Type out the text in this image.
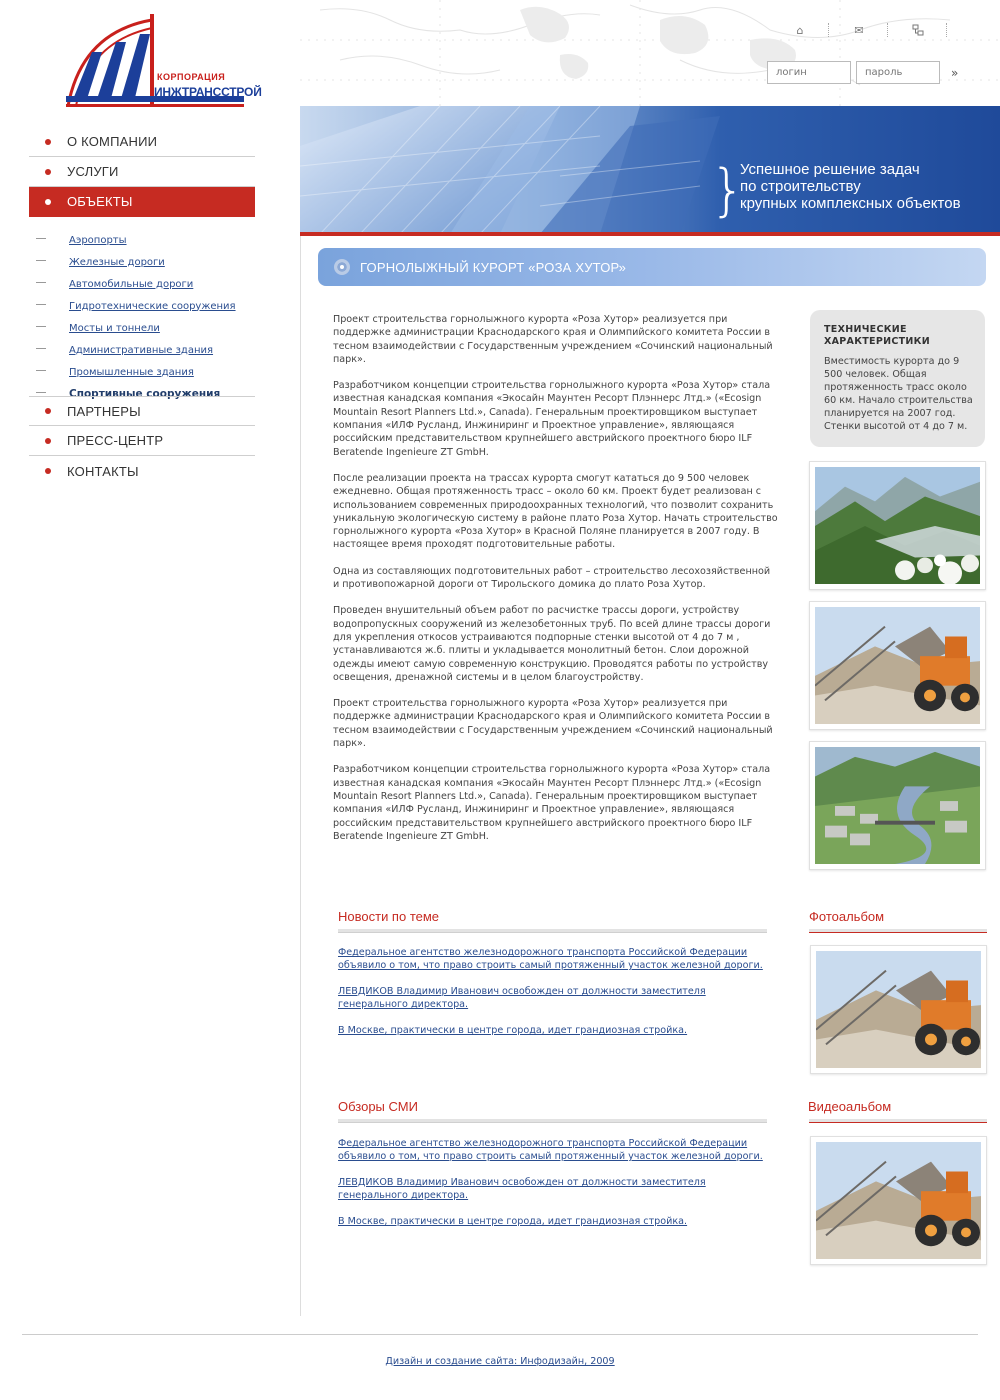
КОРПОРАЦИЯ
ИНЖТРАНССТРОЙ
⌂	✉
логин
»
}
Успешное решение задач
по строительству
крупных комплексных объектов
О КОМПАНИИ
УСЛУГИ
ОБЪЕКТЫ
Аэропорты
Железные дороги
Автомобильные дороги
Гидротехнические сооружения
Мосты и тоннели
Административные здания
Промышленные здания
Спортивные сооружения
ПАРТНЕРЫ
ПРЕСС-ЦЕНТР
КОНТАКТЫ
ГОРНОЛЫЖНЫЙ КУРОРТ «РОЗА ХУТОР»

Проект строительства горнолыжного курорта «Роза Хутор» реализуется при поддержке администрации Краснодарского края и Олимпийского комитета России в тесном взаимодействии с Государственным учреждением «Сочинский национальный парк».

Разработчиком концепции строительства горнолыжного курорта «Роза Хутор» стала известная канадская компания «Экосайн Маунтен Ресорт Плэннерс Лтд.» («Ecosign Mountain Resort Planners Ltd.», Canada). Генеральным проектировщиком выступает компания «ИЛФ Русланд, Инжиниринг и Проектное управление», являющаяся российским представительством крупнейшего австрийского проектного бюро ILF Beratende Ingenieure ZT GmbH.

После реализации проекта на трассах курорта смогут кататься до 9 500 человек ежедневно. Общая протяженность трасс – около 60 км. Проект будет реализован с использованием современных природоохранных технологий, что позволит сохранить уникальную экологическую систему в районе плато Роза Хутор. Начать строительство горнолыжного курорта «Роза Хутор» в Красной Поляне планируется в 2007 году. В настоящее время проходят подготовительные работы.

Одна из составляющих подготовительных работ – строительство лесохозяйственной и противопожарной дороги от Тирольского домика до плато Роза Хутор.

Проведен внушительный объем работ по расчистке трассы дороги, устройству водопропускных сооружений из железобетонных труб. По всей длине трассы дороги для укрепления откосов устраиваются подпорные стенки высотой от 4 до 7 м , устанавливаются ж.б. плиты и укладывается монолитный бетон. Слои дорожной одежды имеют самую современную конструкцию. Проводятся работы по устройству освещения, дренажной системы и в целом благоустройству.

Проект строительства горнолыжного курорта «Роза Хутор» реализуется при поддержке администрации Краснодарского края и Олимпийского комитета России в тесном взаимодействии с Государственным учреждением «Сочинский национальный парк».

Разработчиком концепции строительства горнолыжного курорта «Роза Хутор» стала известная канадская компания «Экосайн Маунтен Ресорт Плэннерс Лтд.» («Ecosign Mountain Resort Planners Ltd.», Canada). Генеральным проектировщиком выступает компания «ИЛФ Русланд, Инжиниринг и Проектное управление», являющаяся российским представительством крупнейшего австрийского проектного бюро ILF Beratende Ingenieure ZT GmbH.

ТЕХНИЧЕСКИЕ ХАРАКТЕРИСТИКИ
Вместимость курорта до 9 500 человек. Общая протяженность трасс около 60 км. Начало строительства планируется на 2007 год. Стенки высотой от 4 до 7 м.
Новости по теме
Федеральное агентство железнодорожного транспорта Российской Федерации объявило о том, что право строить самый протяженный участок железной дороги.
ЛЕВДИКОВ Владимир Иванович освобожден от должности заместителя генерального директора.
В Москве, практически в центре города, идет грандиозная стройка.
Фотоальбом
Обзоры СМИ
Федеральное агентство железнодорожного транспорта Российской Федерации объявило о том, что право строить самый протяженный участок железной дороги.
ЛЕВДИКОВ Владимир Иванович освобожден от должности заместителя генерального директора.
В Москве, практически в центре города, идет грандиозная стройка.
Видеоальбом
Дизайн и создание сайта: Инфодизайн, 2009
